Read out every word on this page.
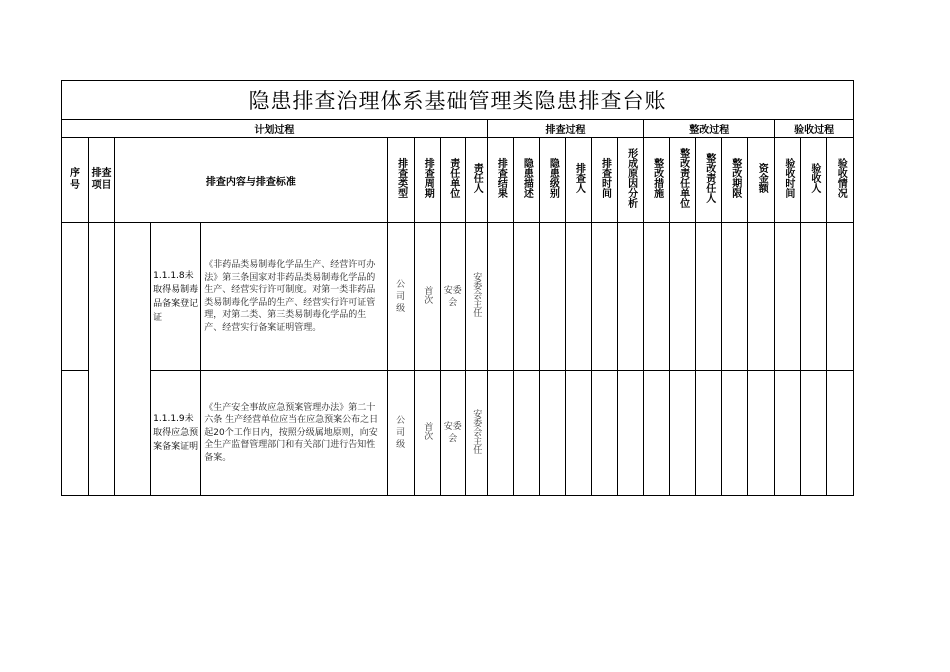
隐患排查治理体系基础管理类隐患排查台账																						
计划过程									排查过程						整改过程					验收过程		
序号	排查项目	排查内容与排查标准			排查类型	排查周期	责任单位	责任人	排查结果	隐患描述	隐患级别	排查人	排查时间	形成原因分析	整改措施	整改责任单位	整改责任人	整改期限	资金额	验收时间	验收人	验收情况
			1.1.1.8未取得易制毒品备案登记证	《非药品类易制毒化学品生产、经营许可办法》第三条国家对非药品类易制毒化学品的生产、经营实行许可制度。对第一类非药品类易制毒化学品的生产、经营实行许可证管理，对第二类、第三类易制毒化学品的生产、经营实行备案证明管理。	公司级	首次	安委会	安委会主任														
			1.1.1.9未取得应急预案备案证明	《生产安全事故应急预案管理办法》第二十六条 生产经营单位应当在应急预案公布之日起20个工作日内，按照分级属地原则，向安全生产监督管理部门和有关部门进行告知性备案。	公司级	首次	安委会	安委会主任														
